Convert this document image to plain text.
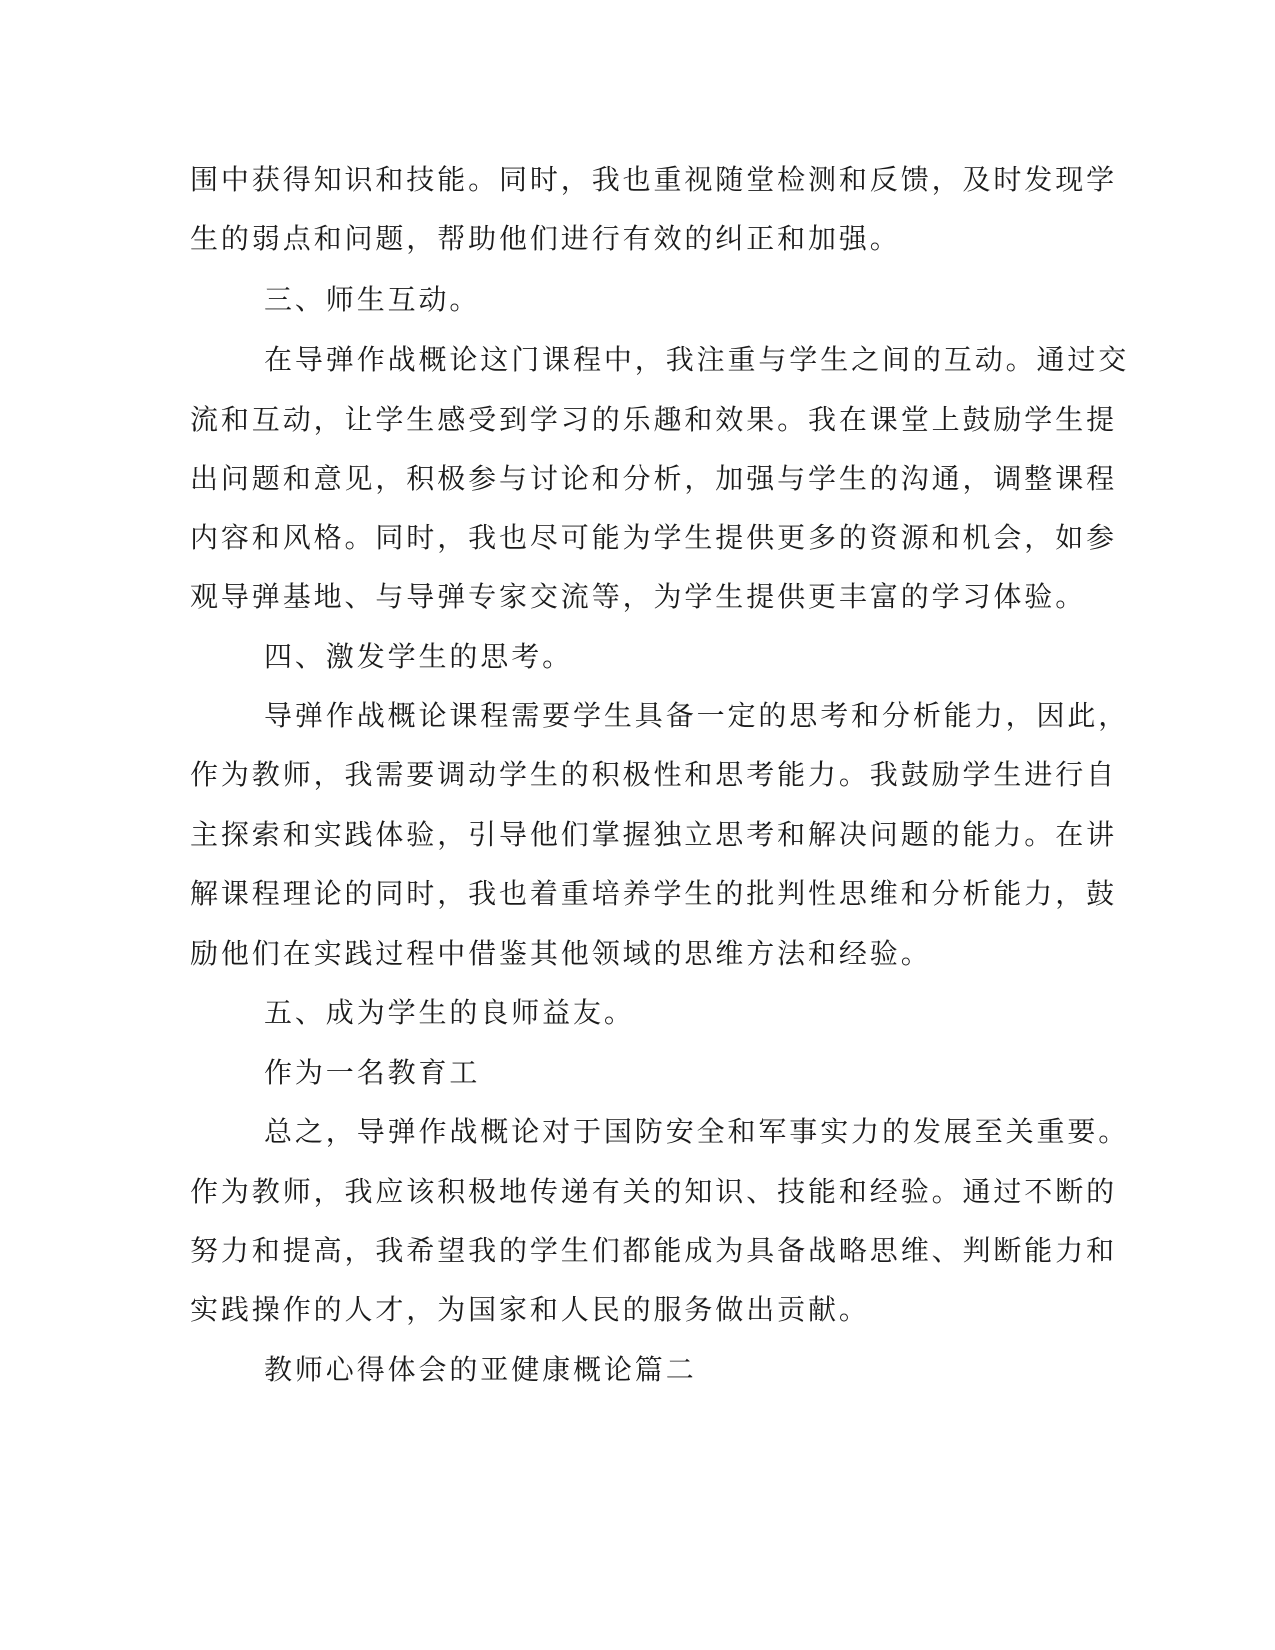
围中获得知识和技能。同时，我也重视随堂检测和反馈，及时发现学
生的弱点和问题，帮助他们进行有效的纠正和加强。
三、师生互动。
在导弹作战概论这门课程中，我注重与学生之间的互动。通过交
流和互动，让学生感受到学习的乐趣和效果。我在课堂上鼓励学生提
出问题和意见，积极参与讨论和分析，加强与学生的沟通，调整课程
内容和风格。同时，我也尽可能为学生提供更多的资源和机会，如参
观导弹基地、与导弹专家交流等，为学生提供更丰富的学习体验。
四、激发学生的思考。
导弹作战概论课程需要学生具备一定的思考和分析能力，因此，
作为教师，我需要调动学生的积极性和思考能力。我鼓励学生进行自
主探索和实践体验，引导他们掌握独立思考和解决问题的能力。在讲
解课程理论的同时，我也着重培养学生的批判性思维和分析能力，鼓
励他们在实践过程中借鉴其他领域的思维方法和经验。
五、成为学生的良师益友。
作为一名教育工
总之，导弹作战概论对于国防安全和军事实力的发展至关重要。
作为教师，我应该积极地传递有关的知识、技能和经验。通过不断的
努力和提高，我希望我的学生们都能成为具备战略思维、判断能力和
实践操作的人才，为国家和人民的服务做出贡献。
教师心得体会的亚健康概论篇二
